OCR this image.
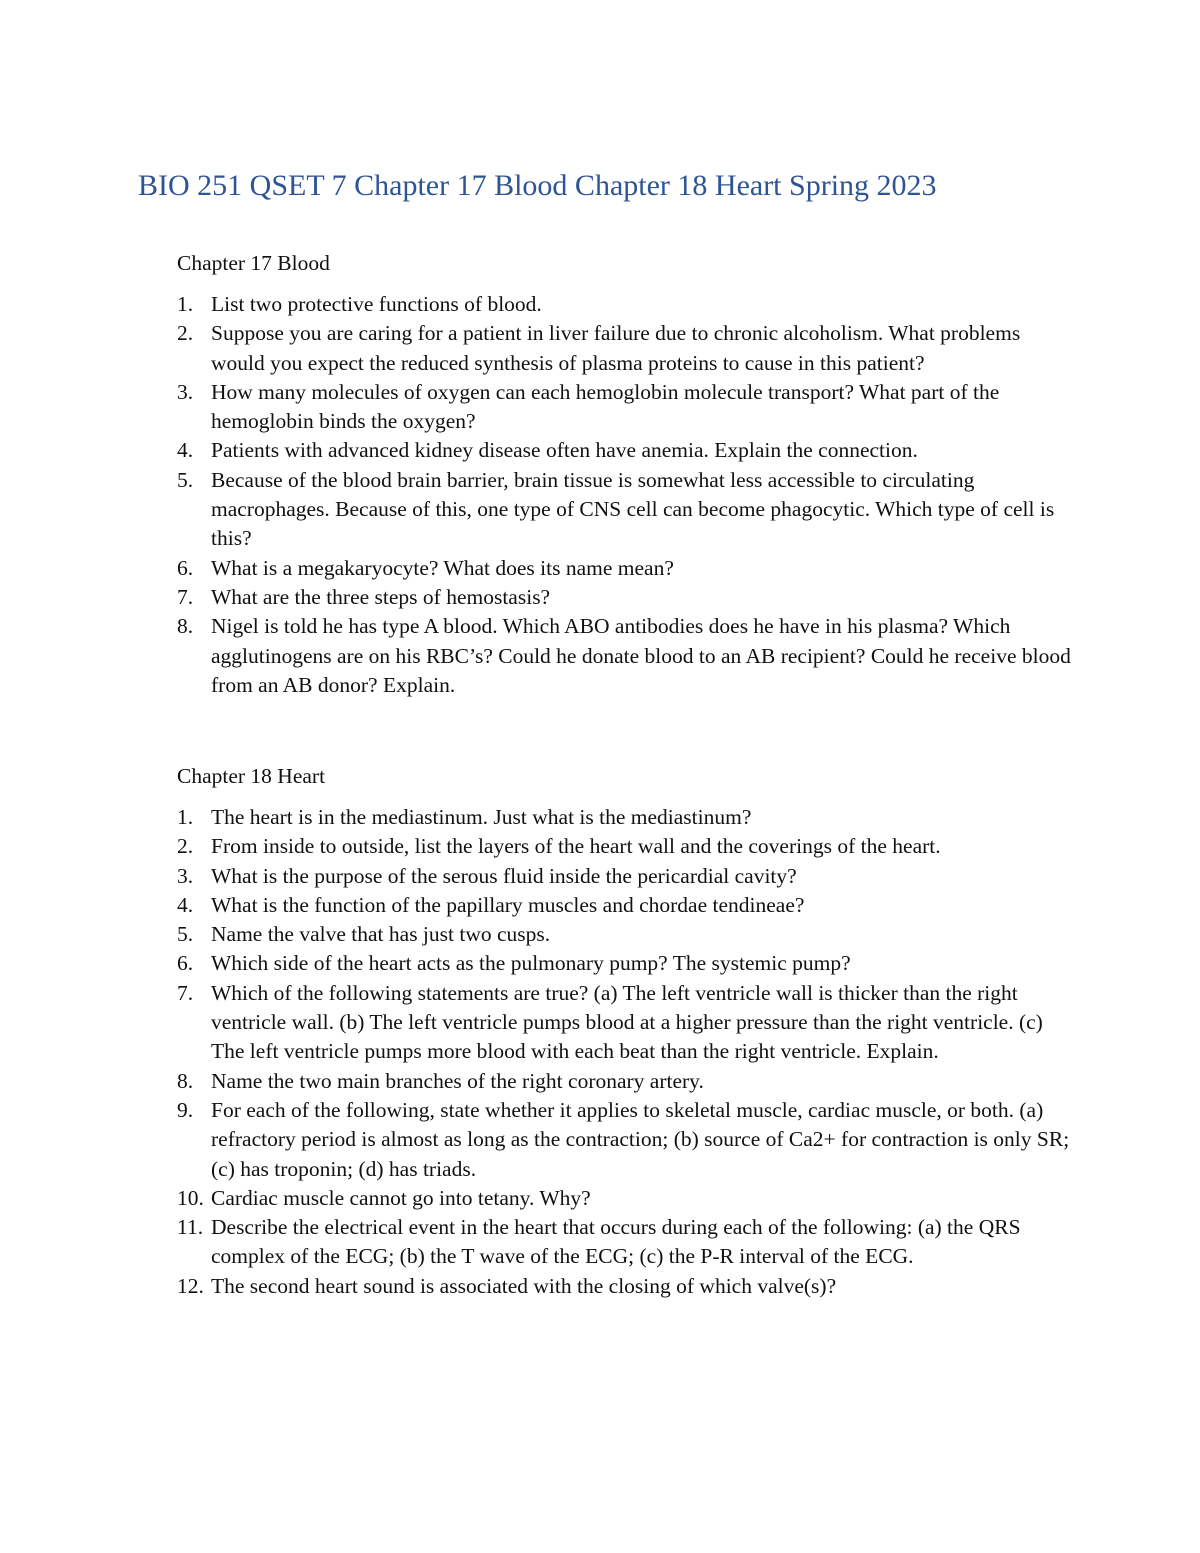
BIO 251 QSET 7 Chapter 17 Blood Chapter 18 Heart Spring 2023
Chapter 17 Blood
1. List two protective functions of blood.
2. Suppose you are caring for a patient in liver failure due to chronic alcoholism. What problems would you expect the reduced synthesis of plasma proteins to cause in this patient?
3. How many molecules of oxygen can each hemoglobin molecule transport? What part of the hemoglobin binds the oxygen?
4. Patients with advanced kidney disease often have anemia. Explain the connection.
5. Because of the blood brain barrier, brain tissue is somewhat less accessible to circulating macrophages. Because of this, one type of CNS cell can become phagocytic. Which type of cell is this?
6. What is a megakaryocyte? What does its name mean?
7. What are the three steps of hemostasis?
8. Nigel is told he has type A blood. Which ABO antibodies does he have in his plasma? Which agglutinogens are on his RBC’s? Could he donate blood to an AB recipient? Could he receive blood from an AB donor? Explain.
Chapter 18 Heart
1. The heart is in the mediastinum. Just what is the mediastinum?
2. From inside to outside, list the layers of the heart wall and the coverings of the heart.
3. What is the purpose of the serous fluid inside the pericardial cavity?
4. What is the function of the papillary muscles and chordae tendineae?
5. Name the valve that has just two cusps.
6. Which side of the heart acts as the pulmonary pump? The systemic pump?
7. Which of the following statements are true? (a) The left ventricle wall is thicker than the right ventricle wall. (b) The left ventricle pumps blood at a higher pressure than the right ventricle. (c) The left ventricle pumps more blood with each beat than the right ventricle. Explain.
8. Name the two main branches of the right coronary artery.
9. For each of the following, state whether it applies to skeletal muscle, cardiac muscle, or both. (a) refractory period is almost as long as the contraction; (b) source of Ca2+ for contraction is only SR; (c) has troponin; (d) has triads.
10. Cardiac muscle cannot go into tetany. Why?
11. Describe the electrical event in the heart that occurs during each of the following: (a) the QRS complex of the ECG; (b) the T wave of the ECG; (c) the P-R interval of the ECG.
12. The second heart sound is associated with the closing of which valve(s)?
